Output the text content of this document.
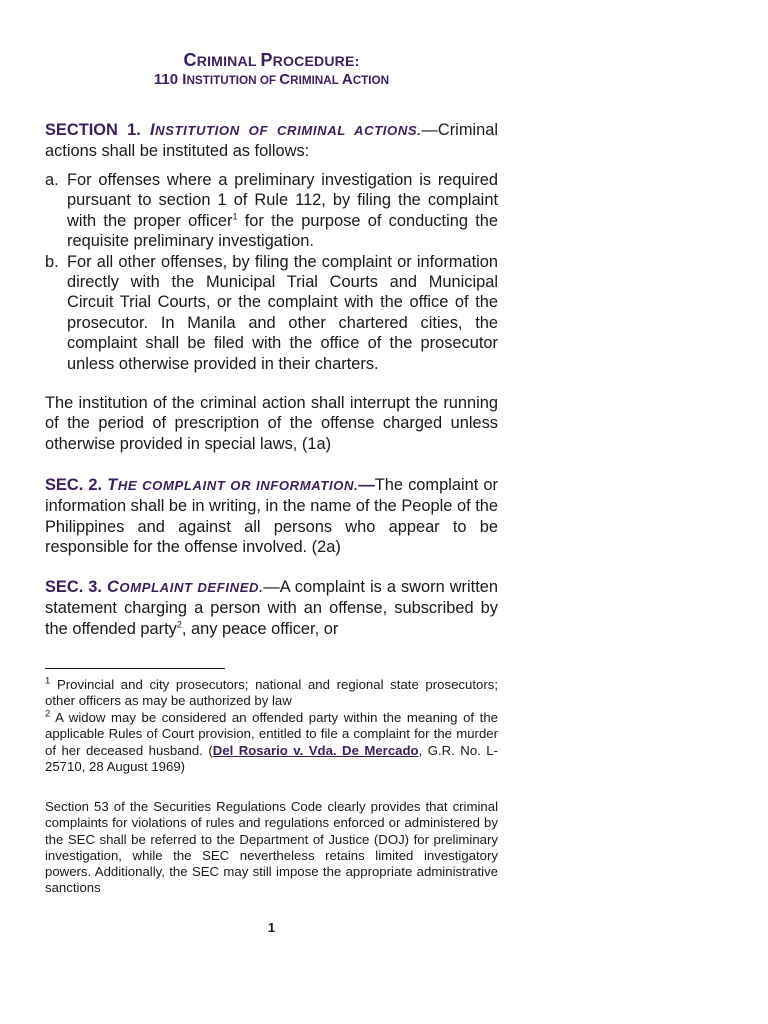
CRIMINAL PROCEDURE:
110 INSTITUTION OF CRIMINAL ACTION

SECTION 1. INSTITUTION OF CRIMINAL ACTIONS.—Criminal actions shall be instituted as follows:

a. For offenses where a preliminary investigation is required pursuant to section 1 of Rule 112, by filing the complaint with the proper officer$^1$ for the purpose of conducting the requisite preliminary investigation.
b. For all other offenses, by filing the complaint or information directly with the Municipal Trial Courts and Municipal Circuit Trial Courts, or the complaint with the office of the prosecutor. In Manila and other chartered cities, the complaint shall be filed with the office of the prosecutor unless otherwise provided in their charters.

The institution of the criminal action shall interrupt the running of the period of prescription of the offense charged unless otherwise provided in special laws, (1a)

SEC. 2. THE COMPLAINT OR INFORMATION.—The complaint or information shall be in writing, in the name of the People of the Philippines and against all persons who appear to be responsible for the offense involved. (2a)

SEC. 3. COMPLAINT DEFINED.—A complaint is a sworn written statement charging a person with an offense, subscribed by the offended party$^2$, any peace officer, or

$^1$ Provincial and city prosecutors; national and regional state prosecutors; other officers as may be authorized by law

$^2$ A widow may be considered an offended party within the meaning of the applicable Rules of Court provision, entitled to file a complaint for the murder of her deceased husband. (Del Rosario v. Vda. De Mercado, G.R. No. L-25710, 28 August 1969)

Section 53 of the Securities Regulations Code clearly provides that criminal complaints for violations of rules and regulations enforced or administered by the SEC shall be referred to the Department of Justice (DOJ) for preliminary investigation, while the SEC nevertheless retains limited investigatory powers. Additionally, the SEC may still impose the appropriate administrative sanctions

1
